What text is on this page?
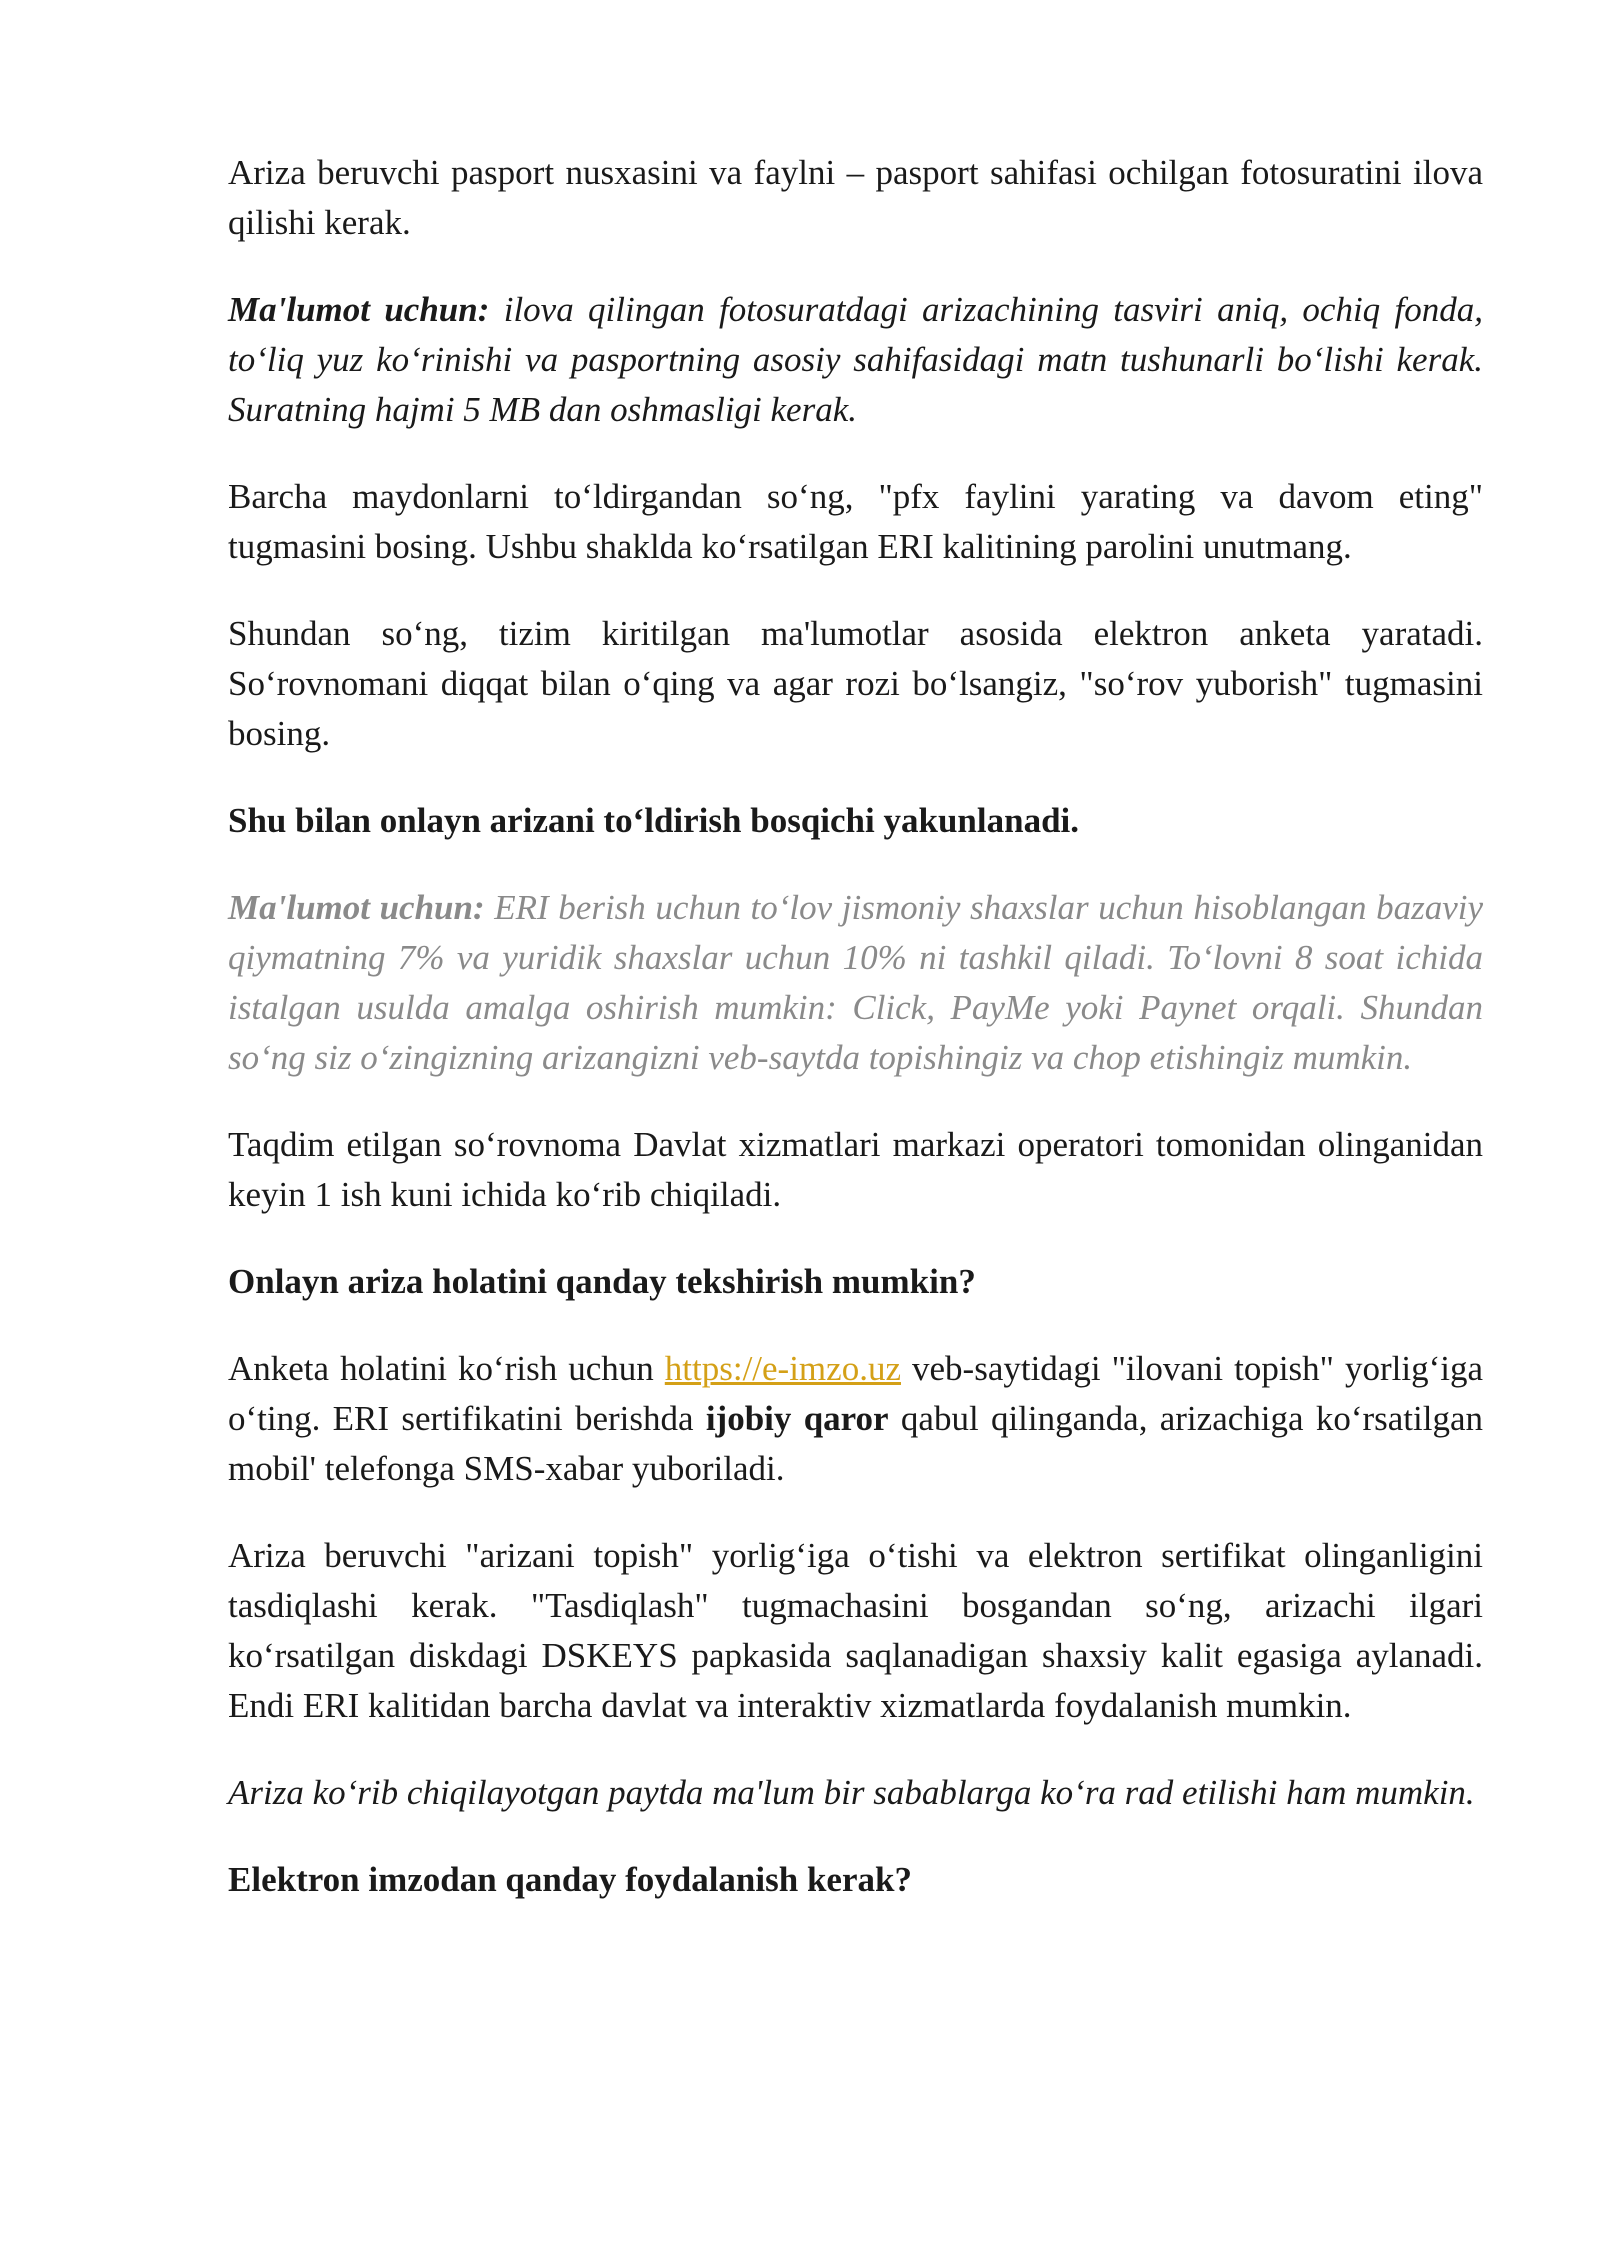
Ariza beruvchi pasport nusxasini va faylni – pasport sahifasi ochilgan fotosuratini ilova qilishi kerak.

Ma'lumot uchun: ilova qilingan fotosuratdagi arizachining tasviri aniq, ochiq fonda, to‘liq yuz ko‘rinishi va pasportning asosiy sahifasidagi matn tushunarli bo‘lishi kerak. Suratning hajmi 5 MB dan oshmasligi kerak.

Barcha maydonlarni to‘ldirgandan so‘ng, "pfx faylini yarating va davom eting" tugmasini bosing. Ushbu shaklda ko‘rsatilgan ERI kalitining parolini unutmang.

Shundan so‘ng, tizim kiritilgan ma'lumotlar asosida elektron anketa yaratadi. So‘rovnomani diqqat bilan o‘qing va agar rozi bo‘lsangiz, "so‘rov yuborish" tugmasini bosing.

Shu bilan onlayn arizani to‘ldirish bosqichi yakunlanadi.

Ma'lumot uchun: ERI berish uchun to‘lov jismoniy shaxslar uchun hisoblangan bazaviy qiymatning 7% va yuridik shaxslar uchun 10% ni tashkil qiladi. To‘lovni 8 soat ichida istalgan usulda amalga oshirish mumkin: Click, PayMe yoki Paynet orqali. Shundan so‘ng siz o‘zingizning arizangizni veb-saytda topishingiz va chop etishingiz mumkin.

Taqdim etilgan so‘rovnoma Davlat xizmatlari markazi operatori tomonidan olinganidan keyin 1 ish kuni ichida ko‘rib chiqiladi.

Onlayn ariza holatini qanday tekshirish mumkin?

Anketa holatini ko‘rish uchun https://e-imzo.uz veb-saytidagi "ilovani topish" yorlig‘iga o‘ting. ERI sertifikatini berishda ijobiy qaror qabul qilinganda, arizachiga ko‘rsatilgan mobil' telefonga SMS-xabar yuboriladi.

Ariza beruvchi "arizani topish" yorlig‘iga o‘tishi va elektron sertifikat olinganligini tasdiqlashi kerak. "Tasdiqlash" tugmachasini bosgandan so‘ng, arizachi ilgari ko‘rsatilgan diskdagi DSKEYS papkasida saqlanadigan shaxsiy kalit egasiga aylanadi. Endi ERI kalitidan barcha davlat va interaktiv xizmatlarda foydalanish mumkin.

Ariza ko‘rib chiqilayotgan paytda ma'lum bir sabablarga ko‘ra rad etilishi ham mumkin.

Elektron imzodan qanday foydalanish kerak?
